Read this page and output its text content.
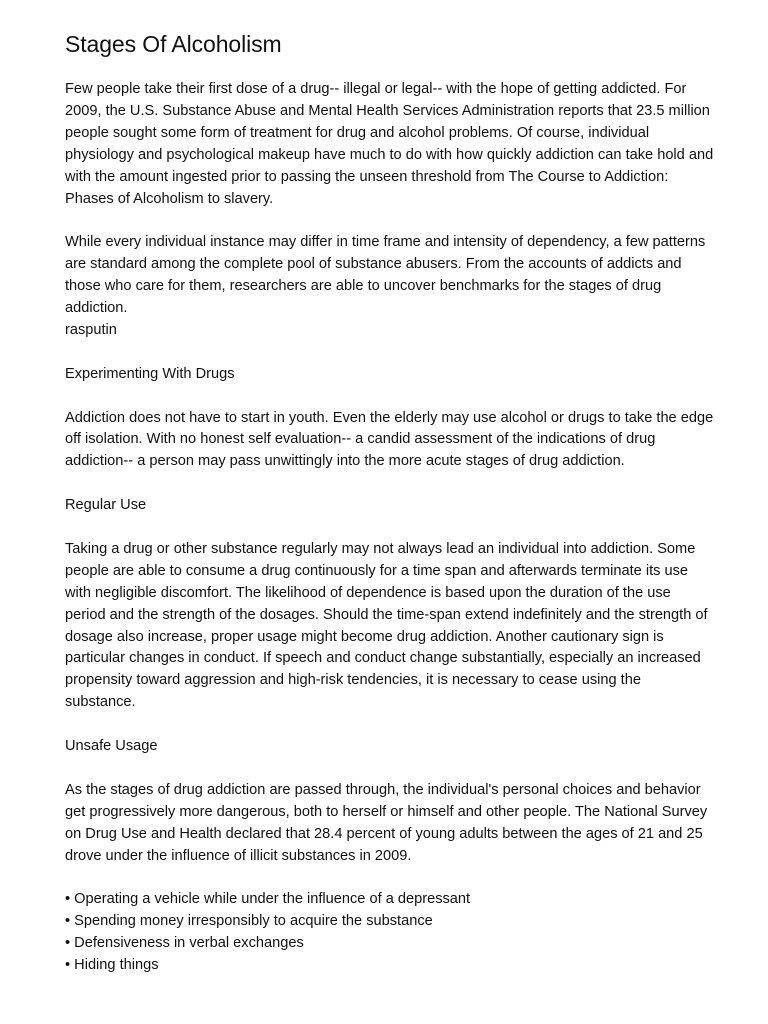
Stages Of Alcoholism

Few people take their first dose of a drug-- illegal or legal-- with the hope of getting addicted. For 2009, the U.S. Substance Abuse and Mental Health Services Administration reports that 23.5 million people sought some form of treatment for drug and alcohol problems. Of course, individual physiology and psychological makeup have much to do with how quickly addiction can take hold and with the amount ingested prior to passing the unseen threshold from The Course to Addiction: Phases of Alcoholism to slavery.

While every individual instance may differ in time frame and intensity of dependency, a few patterns are standard among the complete pool of substance abusers. From the accounts of addicts and those who care for them, researchers are able to uncover benchmarks for the stages of drug addiction.
rasputin

Experimenting With Drugs

Addiction does not have to start in youth. Even the elderly may use alcohol or drugs to take the edge off isolation. With no honest self evaluation-- a candid assessment of the indications of drug addiction-- a person may pass unwittingly into the more acute stages of drug addiction.

Regular Use

Taking a drug or other substance regularly may not always lead an individual into addiction. Some people are able to consume a drug continuously for a time span and afterwards terminate its use with negligible discomfort. The likelihood of dependence is based upon the duration of the use period and the strength of the dosages. Should the time-span extend indefinitely and the strength of dosage also increase, proper usage might become drug addiction. Another cautionary sign is particular changes in conduct. If speech and conduct change substantially, especially an increased propensity toward aggression and high-risk tendencies, it is necessary to cease using the substance.

Unsafe Usage

As the stages of drug addiction are passed through, the individual's personal choices and behavior get progressively more dangerous, both to herself or himself and other people. The National Survey on Drug Use and Health declared that 28.4 percent of young adults between the ages of 21 and 25 drove under the influence of illicit substances in 2009.

• Operating a vehicle while under the influence of a depressant
• Spending money irresponsibly to acquire the substance
• Defensiveness in verbal exchanges
• Hiding things
